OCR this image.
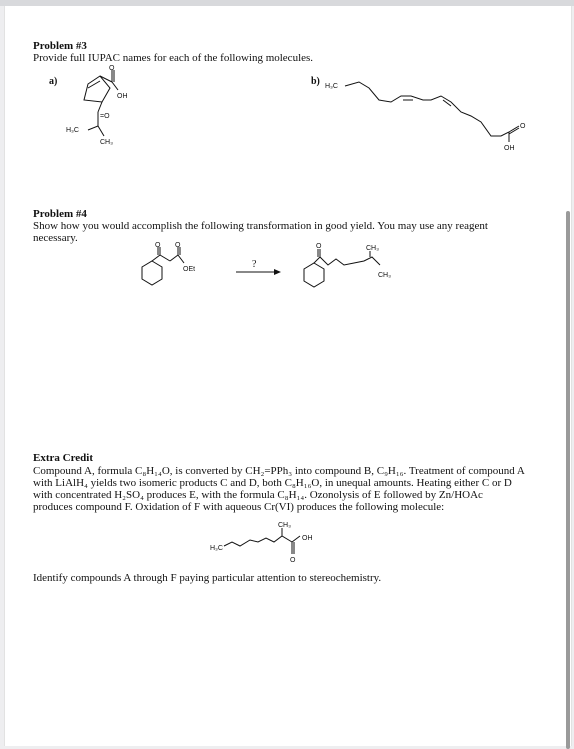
Problem #3
Provide full IUPAC names for each of the following molecules.
a)	b)
O
OH
=O
H₃C
CH₃
H₃C
O
OH
Problem #4
Show how you would accomplish the following transformation in good yield. You may use any reagent
necessary.
O O
OEt	?
O	CH₃
CH₃
Extra Credit
Compound A, formula C₈H₁₄O, is converted by CH₂=PPh₃ into compound B, C₉H₁₆. Treatment of compound A
with LiAlH₄ yields two isomeric products C and D, both C₈H₁₆O, in unequal amounts. Heating either C or D
with concentrated H₂SO₄ produces E, with the formula C₈H₁₄. Ozonolysis of E followed by Zn/HOAc
produces compound F. Oxidation of F with aqueous Cr(VI) produces the following molecule:
CH₃
H₃C
OH
O
Identify compounds A through F paying particular attention to stereochemistry.
